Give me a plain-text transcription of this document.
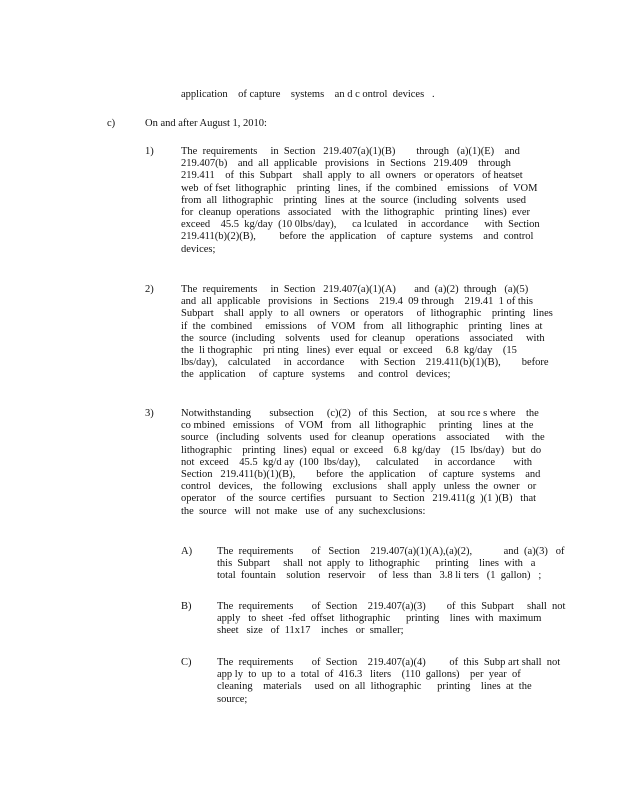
application    of capture    systems    an d c ontrol  devices   .

c)	On and after August 1, 2010:
1)	The  requirements     in  Section   219.407(a)(1)(B)        through   (a)(1)(E)    and
219.407(b)    and  all  applicable   provisions   in  Sections   219.409    through
219.411    of  this  Subpart    shall  apply  to  all  owners   or operators   of heatset
web  of fset  lithographic    printing   lines,  if  the  combined    emissions    of  VOM
from  all  lithographic    printing   lines  at  the  source  (including   solvents   used
for  cleanup  operations   associated    with  the  lithographic    printing  lines)  ever
exceed    45.5  kg/day  (10 0lbs/day),      ca lculated    in  accordance      with  Section
219.411(b)(2)(B),         before  the  application    of  capture   systems    and  control
devices;

2)	The  requirements     in  Section   219.407(a)(1)(A)       and  (a)(2)  through   (a)(5)
and  all  applicable   provisions   in  Sections    219.4  09 through    219.41  1 of this
Subpart    shall  apply   to  all  owners    or  operators     of  lithographic    printing   lines
if  the  combined     emissions    of  VOM   from   all  lithographic    printing   lines  at
the  source  (including    solvents    used  for  cleanup    operations    associated     with
the  li thographic    pri nting   lines)  ever  equal   or  exceed     6.8  kg/day    (15
lbs/day),    calculated     in  accordance      with  Section    219.411(b)(1)(B),        before
the  application     of  capture   systems     and  control   devices;

3)	Notwithstanding       subsection     (c)(2)   of  this  Section,    at  sou rce s where    the
co mbined   emissions    of  VOM   from   all  lithographic     printing    lines  at  the
source   (including   solvents   used  for  cleanup   operations    associated      with   the
lithographic    printing   lines)  equal  or  exceed    6.8  kg/day    (15  lbs/day)   but  do
not  exceed    45.5  kg/d ay  (100  lbs/day),      calculated      in  accordance       with
Section   219.411(b)(1)(B),        before   the  application     of  capture   systems    and
control   devices,    the  following    exclusions    shall  apply   unless  the  owner   or
operator    of  the  source  certifies    pursuant   to  Section   219.411(g  )(1 )(B)   that
the  source   will  not  make   use  of  any  suchexclusions:

A) The  requirements       of   Section    219.407(a)(1)(A),(a)(2),            and  (a)(3)   of
this  Subpart     shall  not  apply  to  lithographic      printing    lines  with   a
total  fountain    solution   reservoir     of  less  than   3.8 li ters   (1  gallon)   ;

B) The  requirements       of  Section    219.407(a)(3)        of  this  Subpart     shall  not
apply   to  sheet  -fed  offset  lithographic      printing    lines  with  maximum
sheet   size   of  11x17    inches   or  smaller;

C) The  requirements       of  Section    219.407(a)(4)         of  this  Subp art shall  not
app ly  to  up  to  a  total  of  416.3   liters    (110  gallons)    per  year  of
cleaning    materials     used  on  all  lithographic      printing    lines  at  the
source;
